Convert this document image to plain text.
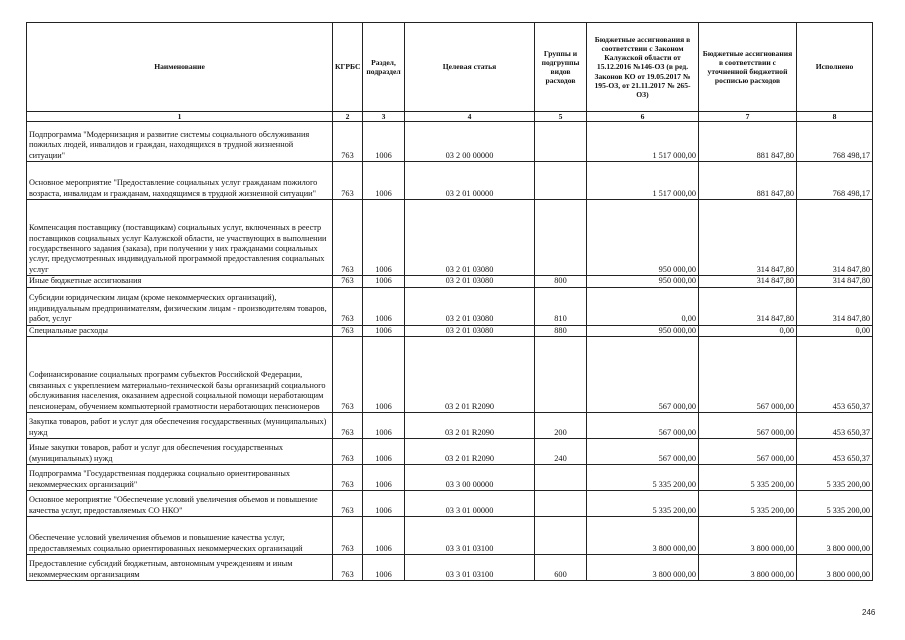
Наименование	КГРБС	Раздел, подраздел	Целевая статья	Группы и подгруппы видов расходов	Бюджетные ассигнования в соответствии с Законом Калужской области от 15.12.2016 №146-ОЗ (в ред. Законов КО от 19.05.2017 № 195-ОЗ, от 21.11.2017 № 265-ОЗ)	Бюджетные ассигнования в соответствии с уточненной бюджетной росписью расходов	Исполнено
1	2	3	4	5	6	7	8
Подпрограмма "Модернизация и развитие системы социального обслуживания пожилых людей, инвалидов и граждан, находящихся в трудной жизненной ситуации"	763	1006	03 2 00 00000		1 517 000,00	881 847,80	768 498,17
Основное мероприятие "Предоставление социальных услуг гражданам пожилого возраста, инвалидам и гражданам, находящимся в трудной жизненной ситуации"	763	1006	03 2 01 00000		1 517 000,00	881 847,80	768 498,17
Компенсация поставщику (поставщикам) социальных услуг, включенных в реестр поставщиков социальных услуг Калужской области, не участвующих в выполнении государственного задания (заказа), при получении у них гражданами социальных услуг, предусмотренных индивидуальной программой предоставления социальных услуг	763	1006	03 2 01 03080		950 000,00	314 847,80	314 847,80
Иные бюджетные ассигнования	763	1006	03 2 01 03080	800	950 000,00	314 847,80	314 847,80
Субсидии юридическим лицам (кроме некоммерческих организаций), индивидуальным предпринимателям, физическим лицам - производителям товаров, работ, услуг	763	1006	03 2 01 03080	810	0,00	314 847,80	314 847,80
Специальные расходы	763	1006	03 2 01 03080	880	950 000,00	0,00	0,00
Софинансирование социальных программ субъектов Российской Федерации, связанных с укреплением материально-технической базы организаций социального обслуживания населения, оказанием адресной социальной помощи неработающим пенсионерам, обучением компьютерной грамотности неработающих пенсионеров	763	1006	03 2 01 R2090		567 000,00	567 000,00	453 650,37
Закупка товаров, работ и услуг для обеспечения государственных (муниципальных) нужд	763	1006	03 2 01 R2090	200	567 000,00	567 000,00	453 650,37
Иные закупки товаров, работ и услуг для обеспечения государственных (муниципальных) нужд	763	1006	03 2 01 R2090	240	567 000,00	567 000,00	453 650,37
Подпрограмма "Государственная поддержка социально ориентированных некоммерческих организаций"	763	1006	03 3 00 00000		5 335 200,00	5 335 200,00	5 335 200,00
Основное мероприятие "Обеспечение условий увеличения объемов и повышение качества услуг, предоставляемых СО НКО"	763	1006	03 3 01 00000		5 335 200,00	5 335 200,00	5 335 200,00
Обеспечение условий увеличения объемов и повышение качества услуг, предоставляемых социально ориентированных некоммерческих организаций	763	1006	03 3 01 03100		3 800 000,00	3 800 000,00	3 800 000,00
Предоставление субсидий бюджетным, автономным учреждениям и иным некоммерческим организациям	763	1006	03 3 01 03100	600	3 800 000,00	3 800 000,00	3 800 000,00
246
